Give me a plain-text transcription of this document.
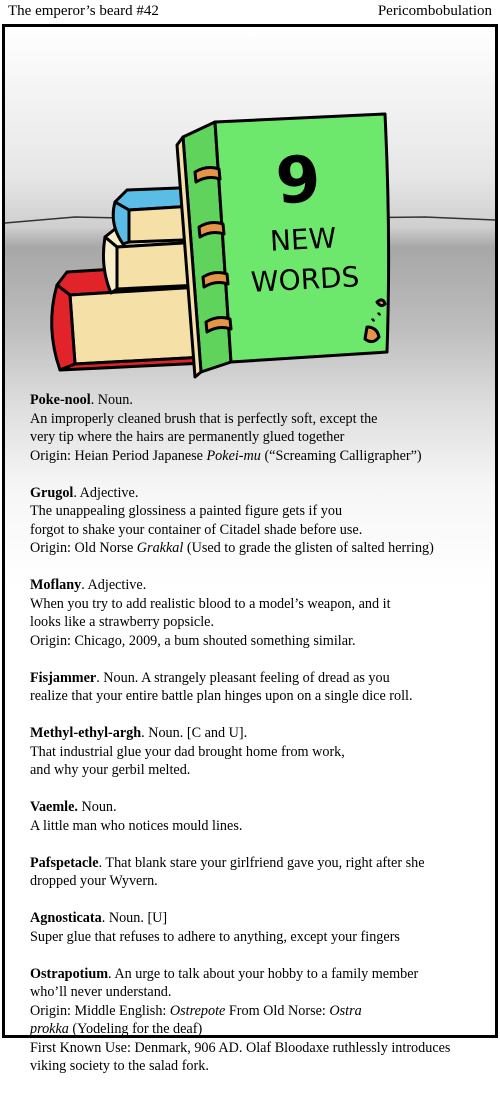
The emperor’s beard #42	Pericombobulation
9
NEW
WORDS
Poke-nool. Noun.
An improperly cleaned brush that is perfectly soft, except the
very tip where the hairs are permanently glued together
Origin: Heian Period Japanese Pokei-mu (“Screaming Calligrapher”)
Grugol. Adjective.
The unappealing glossiness a painted figure gets if you
forgot to shake your container of Citadel shade before use.
Origin: Old Norse Grakkal (Used to grade the glisten of salted herring)
Moflany. Adjective.
When you try to add realistic blood to a model’s weapon, and it
looks like a strawberry popsicle.
Origin: Chicago, 2009, a bum shouted something similar.
Fisjammer. Noun. A strangely pleasant feeling of dread as you
realize that your entire battle plan hinges upon on a single dice roll.
Methyl-ethyl-argh. Noun. [C and U].
That industrial glue your dad brought home from work,
and why your gerbil melted.
Vaemle. Noun.
A little man who notices mould lines.
Pafspetacle. That blank stare your girlfriend gave you, right after she
dropped your Wyvern.
Agnosticata. Noun. [U]
Super glue that refuses to adhere to anything, except your fingers
Ostrapotium. An urge to talk about your hobby to a family member
who’ll never understand.
Origin: Middle English: Ostrepote From Old Norse: Ostra
prokka (Yodeling for the deaf)
First Known Use: Denmark, 906 AD. Olaf Bloodaxe ruthlessly introduces
viking society to the salad fork.
